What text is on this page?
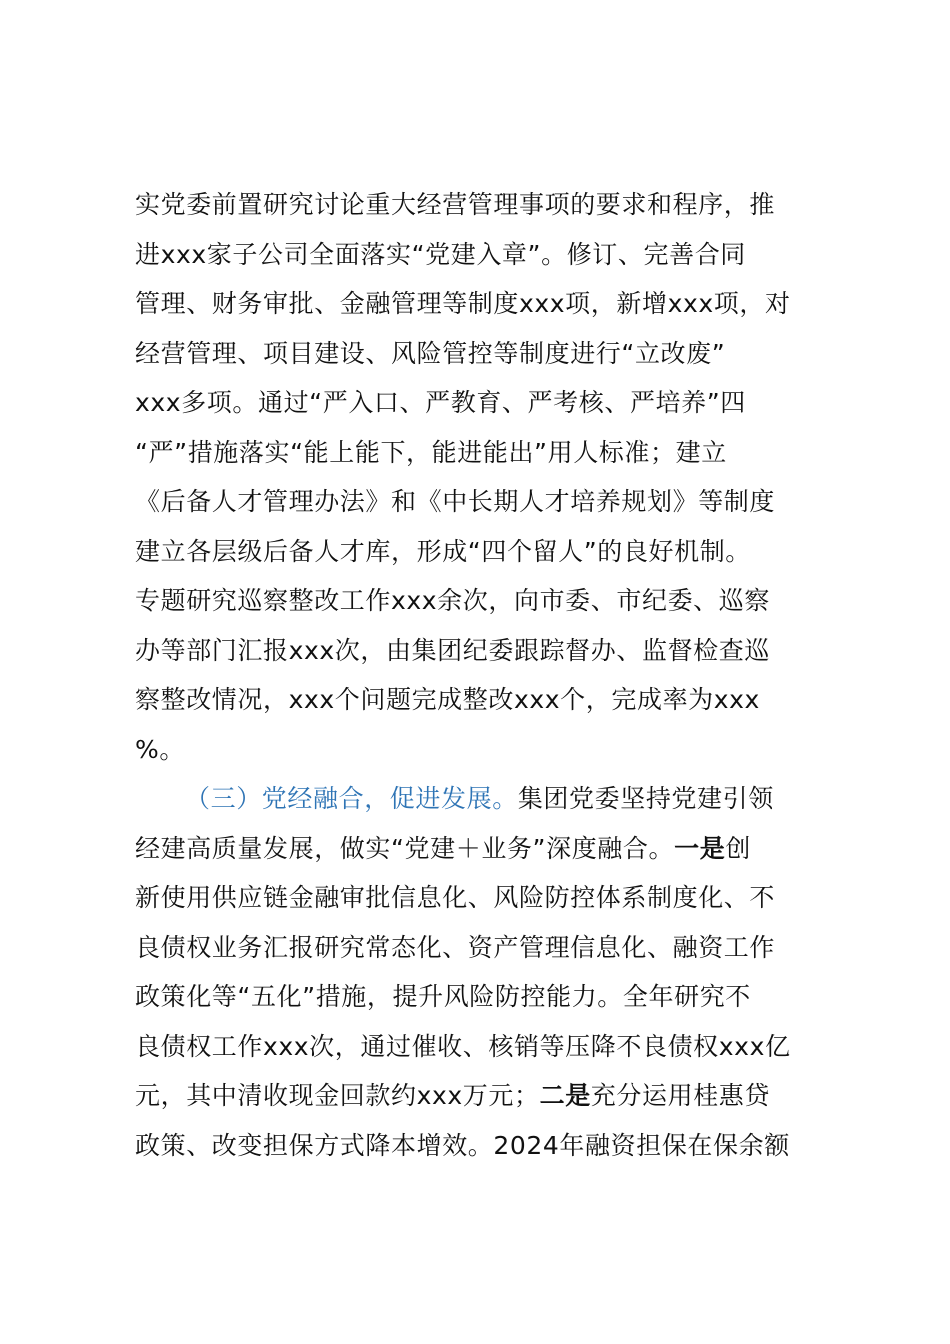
实党委前置研究讨论重大经营管理事项的要求和程序，推
进xxx家子公司全面落实“党建入章”。修订、完善合同
管理、财务审批、金融管理等制度xxx项，新增xxx项，对
经营管理、项目建设、风险管控等制度进行“立改废”
xxx多项。通过“严入口、严教育、严考核、严培养”四
“严”措施落实“能上能下，能进能出”用人标准；建立
《后备人才管理办法》和《中长期人才培养规划》等制度
建立各层级后备人才库，形成“四个留人”的良好机制。
专题研究巡察整改工作xxx余次，向市委、市纪委、巡察
办等部门汇报xxx次，由集团纪委跟踪督办、监督检查巡
察整改情况，xxx个问题完成整改xxx个，完成率为xxx
%。
（三）党经融合，促进发展。集团党委坚持党建引领
经建高质量发展，做实“党建＋业务”深度融合。一是创
新使用供应链金融审批信息化、风险防控体系制度化、不
良债权业务汇报研究常态化、资产管理信息化、融资工作
政策化等“五化”措施，提升风险防控能力。全年研究不
良债权工作xxx次，通过催收、核销等压降不良债权xxx亿
元，其中清收现金回款约xxx万元；二是充分运用桂惠贷
政策、改变担保方式降本增效。2024年融资担保在保余额
